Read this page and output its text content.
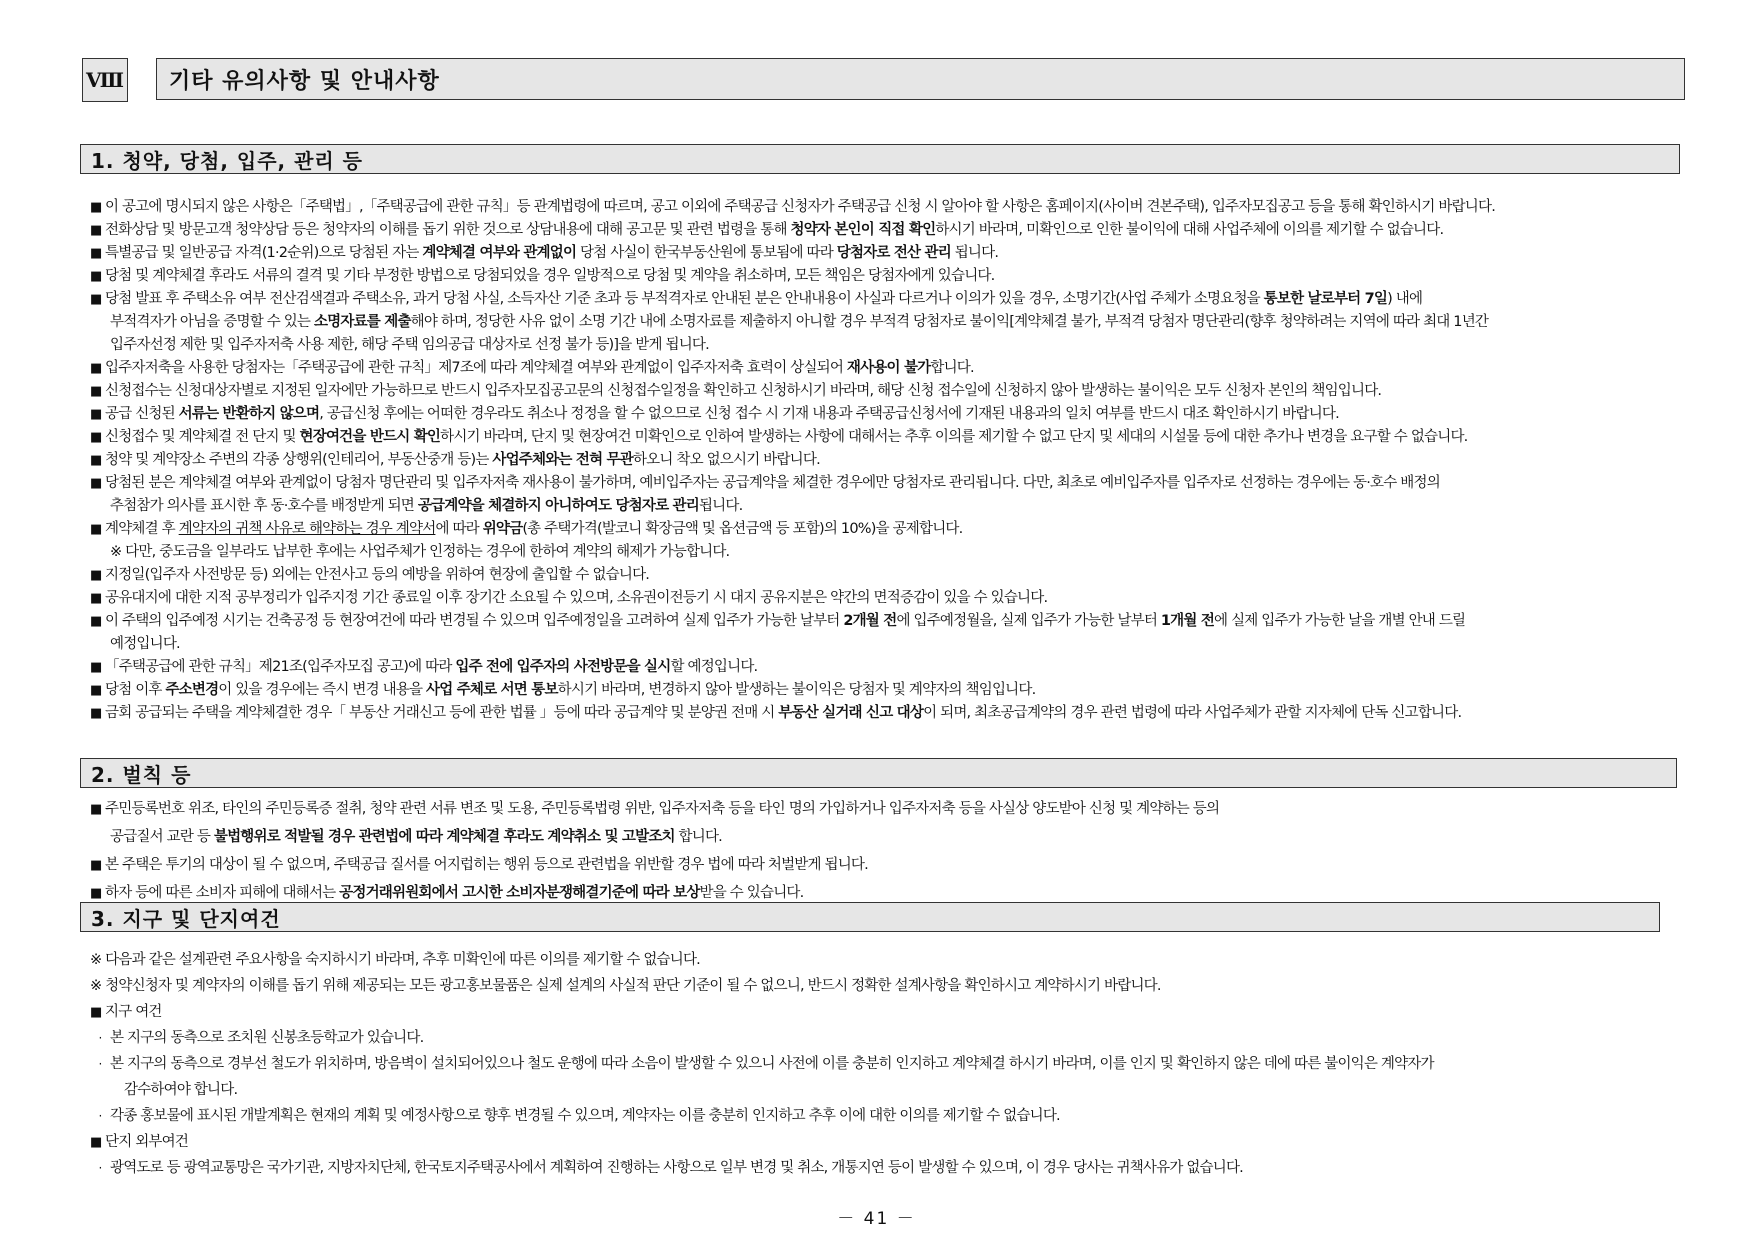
Ⅷ	기타 유의사항 및 안내사항
1. 청약, 당첨, 입주, 관리 등
■ 이 공고에 명시되지 않은 사항은「주택법」,「주택공급에 관한 규칙」등 관계법령에 따르며, 공고 이외에 주택공급 신청자가 주택공급 신청 시 알아야 할 사항은 홈페이지(사이버 견본주택), 입주자모집공고 등을 통해 확인하시기 바랍니다.
■ 전화상담 및 방문고객 청약상담 등은 청약자의 이해를 돕기 위한 것으로 상담내용에 대해 공고문 및 관련 법령을 통해 청약자 본인이 직접 확인하시기 바라며, 미확인으로 인한 불이익에 대해 사업주체에 이의를 제기할 수 없습니다.
■ 특별공급 및 일반공급 자격(1·2순위)으로 당첨된 자는 계약체결 여부와 관계없이 당첨 사실이 한국부동산원에 통보됨에 따라 당첨자로 전산 관리 됩니다.
■ 당첨 및 계약체결 후라도 서류의 결격 및 기타 부정한 방법으로 당첨되었을 경우 일방적으로 당첨 및 계약을 취소하며, 모든 책임은 당첨자에게 있습니다.
■ 당첨 발표 후 주택소유 여부 전산검색결과 주택소유, 과거 당첨 사실, 소득자산 기준 초과 등 부적격자로 안내된 분은 안내내용이 사실과 다르거나 이의가 있을 경우, 소명기간(사업 주체가 소명요청을 통보한 날로부터 7일) 내에
부적격자가 아님을 증명할 수 있는 소명자료를 제출해야 하며, 정당한 사유 없이 소명 기간 내에 소명자료를 제출하지 아니할 경우 부적격 당첨자로 불이익[계약체결 불가, 부적격 당첨자 명단관리(향후 청약하려는 지역에 따라 최대 1년간
입주자선정 제한 및 입주자저축 사용 제한, 해당 주택 임의공급 대상자로 선정 불가 등)]을 받게 됩니다.
■ 입주자저축을 사용한 당첨자는「주택공급에 관한 규칙」제7조에 따라 계약체결 여부와 관계없이 입주자저축 효력이 상실되어 재사용이 불가합니다.
■ 신청접수는 신청대상자별로 지정된 일자에만 가능하므로 반드시 입주자모집공고문의 신청접수일정을 확인하고 신청하시기 바라며, 해당 신청 접수일에 신청하지 않아 발생하는 불이익은 모두 신청자 본인의 책임입니다.
■ 공급 신청된 서류는 반환하지 않으며, 공급신청 후에는 어떠한 경우라도 취소나 정정을 할 수 없으므로 신청 접수 시 기재 내용과 주택공급신청서에 기재된 내용과의 일치 여부를 반드시 대조 확인하시기 바랍니다.
■ 신청접수 및 계약체결 전 단지 및 현장여건을 반드시 확인하시기 바라며, 단지 및 현장여건 미확인으로 인하여 발생하는 사항에 대해서는 추후 이의를 제기할 수 없고 단지 및 세대의 시설물 등에 대한 추가나 변경을 요구할 수 없습니다.
■ 청약 및 계약장소 주변의 각종 상행위(인테리어, 부동산중개 등)는 사업주체와는 전혀 무관하오니 착오 없으시기 바랍니다.
■ 당첨된 분은 계약체결 여부와 관계없이 당첨자 명단관리 및 입주자저축 재사용이 불가하며, 예비입주자는 공급계약을 체결한 경우에만 당첨자로 관리됩니다. 다만, 최초로 예비입주자를 입주자로 선정하는 경우에는 동·호수 배정의
추첨참가 의사를 표시한 후 동·호수를 배정받게 되면 공급계약을 체결하지 아니하여도 당첨자로 관리됩니다.
■ 계약체결 후 계약자의 귀책 사유로 해약하는 경우 계약서에 따라 위약금(총 주택가격(발코니 확장금액 및 옵션금액 등 포함)의 10%)을 공제합니다.
※ 다만, 중도금을 일부라도 납부한 후에는 사업주체가 인정하는 경우에 한하여 계약의 해제가 가능합니다.
■ 지정일(입주자 사전방문 등) 외에는 안전사고 등의 예방을 위하여 현장에 출입할 수 없습니다.
■ 공유대지에 대한 지적 공부정리가 입주지정 기간 종료일 이후 장기간 소요될 수 있으며, 소유권이전등기 시 대지 공유지분은 약간의 면적증감이 있을 수 있습니다.
■ 이 주택의 입주예정 시기는 건축공정 등 현장여건에 따라 변경될 수 있으며 입주예정일을 고려하여 실제 입주가 가능한 날부터 2개월 전에 입주예정월을, 실제 입주가 가능한 날부터 1개월 전에 실제 입주가 가능한 날을 개별 안내 드릴
예정입니다.
■ 「주택공급에 관한 규칙」제21조(입주자모집 공고)에 따라 입주 전에 입주자의 사전방문을 실시할 예정입니다.
■ 당첨 이후 주소변경이 있을 경우에는 즉시 변경 내용을 사업 주체로 서면 통보하시기 바라며, 변경하지 않아 발생하는 불이익은 당첨자 및 계약자의 책임입니다.
■ 금회 공급되는 주택을 계약체결한 경우「 부동산 거래신고 등에 관한 법률 」등에 따라 공급계약 및 분양권 전매 시 부동산 실거래 신고 대상이 되며, 최초공급계약의 경우 관련 법령에 따라 사업주체가 관할 지자체에 단독 신고합니다.
2. 벌칙 등
■ 주민등록번호 위조, 타인의 주민등록증 절취, 청약 관련 서류 변조 및 도용, 주민등록법령 위반, 입주자저축 등을 타인 명의 가입하거나 입주자저축 등을 사실상 양도받아 신청 및 계약하는 등의
공급질서 교란 등 불법행위로 적발될 경우 관련법에 따라 계약체결 후라도 계약취소 및 고발조치 합니다.
■ 본 주택은 투기의 대상이 될 수 없으며, 주택공급 질서를 어지럽히는 행위 등으로 관련법을 위반할 경우 법에 따라 처벌받게 됩니다.
■ 하자 등에 따른 소비자 피해에 대해서는 공정거래위원회에서 고시한 소비자분쟁해결기준에 따라 보상받을 수 있습니다.
3. 지구 및 단지여건
※ 다음과 같은 설계관련 주요사항을 숙지하시기 바라며, 추후 미확인에 따른 이의를 제기할 수 없습니다.
※ 청약신청자 및 계약자의 이해를 돕기 위해 제공되는 모든 광고홍보물품은 실제 설계의 사실적 판단 기준이 될 수 없으니, 반드시 정확한 설계사항을 확인하시고 계약하시기 바랍니다.
■ 지구 여건
· 본 지구의 동측으로 조치원 신봉초등학교가 있습니다.
· 본 지구의 동측으로 경부선 철도가 위치하며, 방음벽이 설치되어있으나 철도 운행에 따라 소음이 발생할 수 있으니 사전에 이를 충분히 인지하고 계약체결 하시기 바라며, 이를 인지 및 확인하지 않은 데에 따른 불이익은 계약자가
감수하여야 합니다.
· 각종 홍보물에 표시된 개발계획은 현재의 계획 및 예정사항으로 향후 변경될 수 있으며, 계약자는 이를 충분히 인지하고 추후 이에 대한 이의를 제기할 수 없습니다.
■ 단지 외부여건
· 광역도로 등 광역교통망은 국가기관, 지방자치단체, 한국토지주택공사에서 계획하여 진행하는 사항으로 일부 변경 및 취소, 개통지연 등이 발생할 수 있으며, 이 경우 당사는 귀책사유가 없습니다.
－ 41 －
